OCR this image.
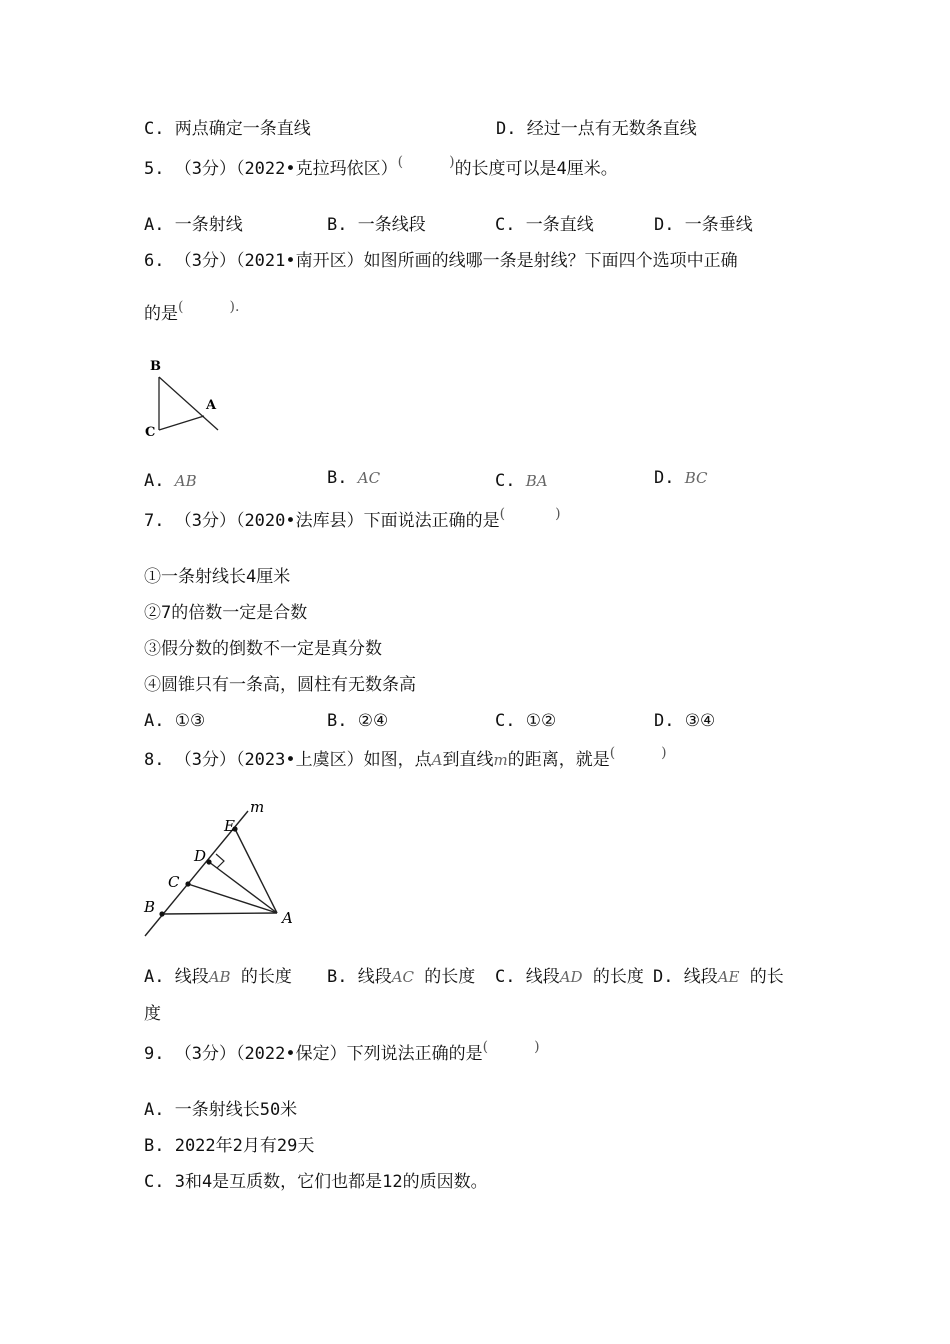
C. 两点确定一条直线	D. 经过一点有无数条直线
5. （3分）（2022•克拉玛依区）(	)的长度可以是4厘米。
A. 一条射线	B. 一条线段	C. 一条直线	D. 一条垂线
6. （3分）（2021•南开区）如图所画的线哪一条是射线？下面四个选项中正确
的是(	).
B
A
C
A. AB	B. AC	C. BA	D. BC
7. （3分）（2020•法库县）下面说法正确的是(	)
①一条射线长4厘米
②7的倍数一定是合数
③假分数的倒数不一定是真分数
④圆锥只有一条高，圆柱有无数条高
A. ①③	B. ②④	C. ①②	D. ③④
8. （3分）（2023•上虞区）如图，点A到直线m的距离，就是(	)
m
E
D
C
B
A
A. 线段AB 的长度 B. 线段AC 的长度 C. 线段AD 的长度 D. 线段AE 的长
度
9. （3分）（2022•保定）下列说法正确的是(	)
A. 一条射线长50米
B. 2022年2月有29天
C. 3和4是互质数，它们也都是12的质因数。
